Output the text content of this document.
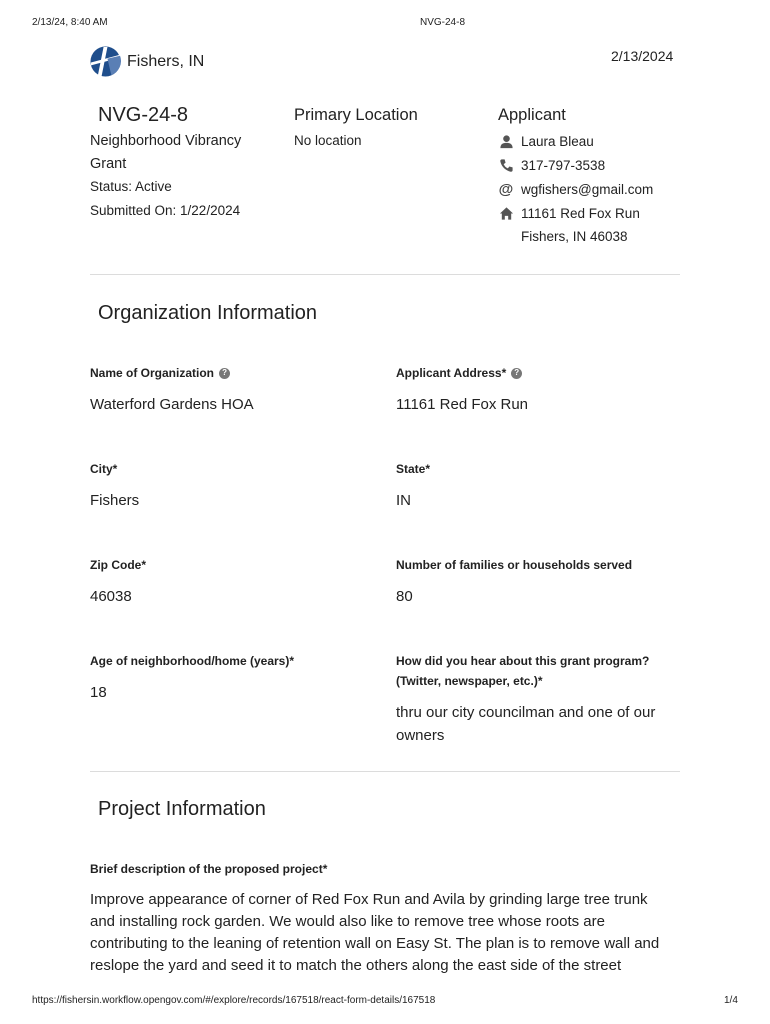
2/13/24, 8:40 AM	NVG-24-8
Fishers, IN	2/13/2024
NVG-24-8
Neighborhood Vibrancy
Grant
Status: Active
Submitted On: 1/22/2024
Primary Location
No location
Applicant
Laura Bleau
317-797-3538
@ wgfishers@gmail.com
11161 Red Fox Run
Fishers, IN 46038
Organization Information
Name of Organization	?
Waterford Gardens HOA
Applicant Address*	?
11161 Red Fox Run
City*
Fishers
State*
IN
Zip Code*
46038
Number of families or households served
80
Age of neighborhood/home (years)*
18
How did you hear about this grant program?
(Twitter, newspaper, etc.)*
thru our city councilman and one of our
owners
Project Information
Brief description of the proposed project*
Improve appearance of corner of Red Fox Run and Avila by grinding large tree trunk
and installing rock garden. We would also like to remove tree whose roots are
contributing to the leaning of retention wall on Easy St. The plan is to remove wall and
reslope the yard and seed it to match the others along the east side of the street
https://fishersin.workflow.opengov.com/#/explore/records/167518/react-form-details/167518	1/4
